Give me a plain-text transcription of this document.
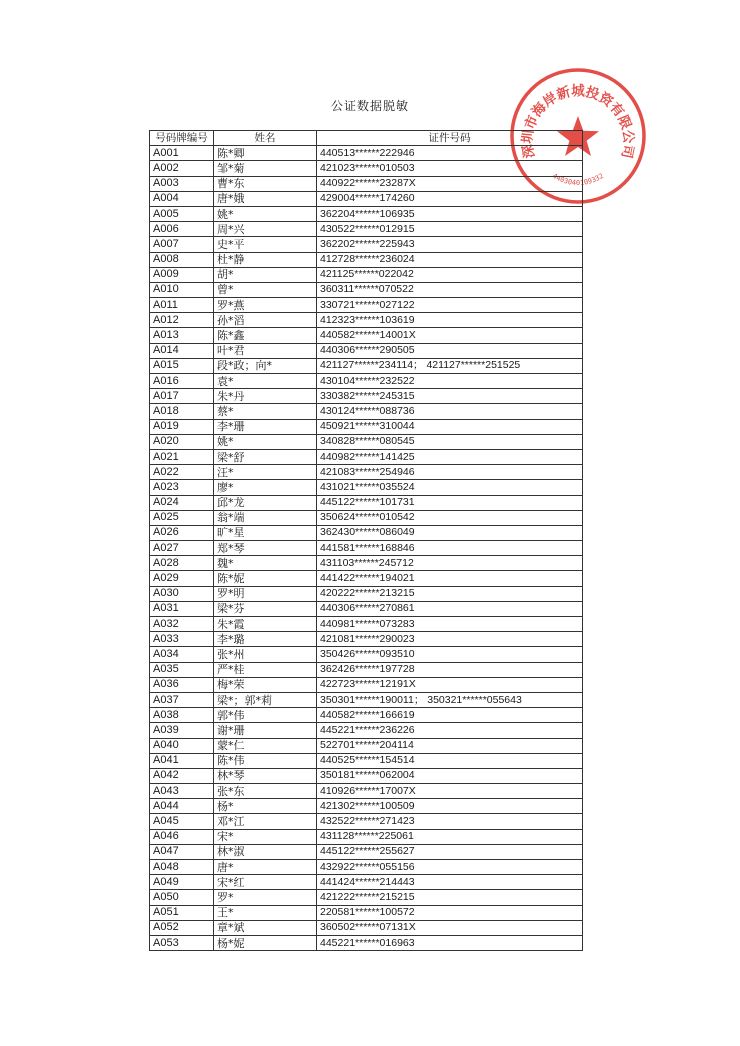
公证数据脱敏
深圳市海岸新城投资有限公司
4403040109332
号码牌编号	姓名	证件号码
A001	陈*卿	440513******222946
A002	邹*菊	421023******010503
A003	曹*东	440922******23287X
A004	唐*娥	429004******174260
A005	姚*	362204******106935
A006	周*兴	430522******012915
A007	史*平	362202******225943
A008	杜*静	412728******236024
A009	胡*	421125******022042
A010	曾*	360311******070522
A011	罗*燕	330721******027122
A012	孙*滔	412323******103619
A013	陈*鑫	440582******14001X
A014	叶*君	440306******290505
A015	段*政；向*	421127******234114； 421127******251525
A016	袁*	430104******232522
A017	朱*丹	330382******245315
A018	蔡*	430124******088736
A019	李*珊	450921******310044
A020	姚*	340828******080545
A021	梁*舒	440982******141425
A022	汪*	421083******254946
A023	廖*	431021******035524
A024	邱*龙	445122******101731
A025	翁*端	350624******010542
A026	旷*星	362430******086049
A027	郑*琴	441581******168846
A028	魏*	431103******245712
A029	陈*妮	441422******194021
A030	罗*明	420222******213215
A031	梁*芬	440306******270861
A032	朱*霞	440981******073283
A033	李*璐	421081******290023
A034	张*州	350426******093510
A035	严*桂	362426******197728
A036	梅*荣	422723******12191X
A037	梁*；郭*莉	350301******190011； 350321******055643
A038	郭*伟	440582******166619
A039	谢*珊	445221******236226
A040	蒙*仁	522701******204114
A041	陈*伟	440525******154514
A042	林*琴	350181******062004
A043	张*东	410926******17007X
A044	杨*	421302******100509
A045	邓*江	432522******271423
A046	宋*	431128******225061
A047	林*淑	445122******255627
A048	唐*	432922******055156
A049	宋*红	441424******214443
A050	罗*	421222******215215
A051	王*	220581******100572
A052	章*斌	360502******07131X
A053	杨*妮	445221******016963
